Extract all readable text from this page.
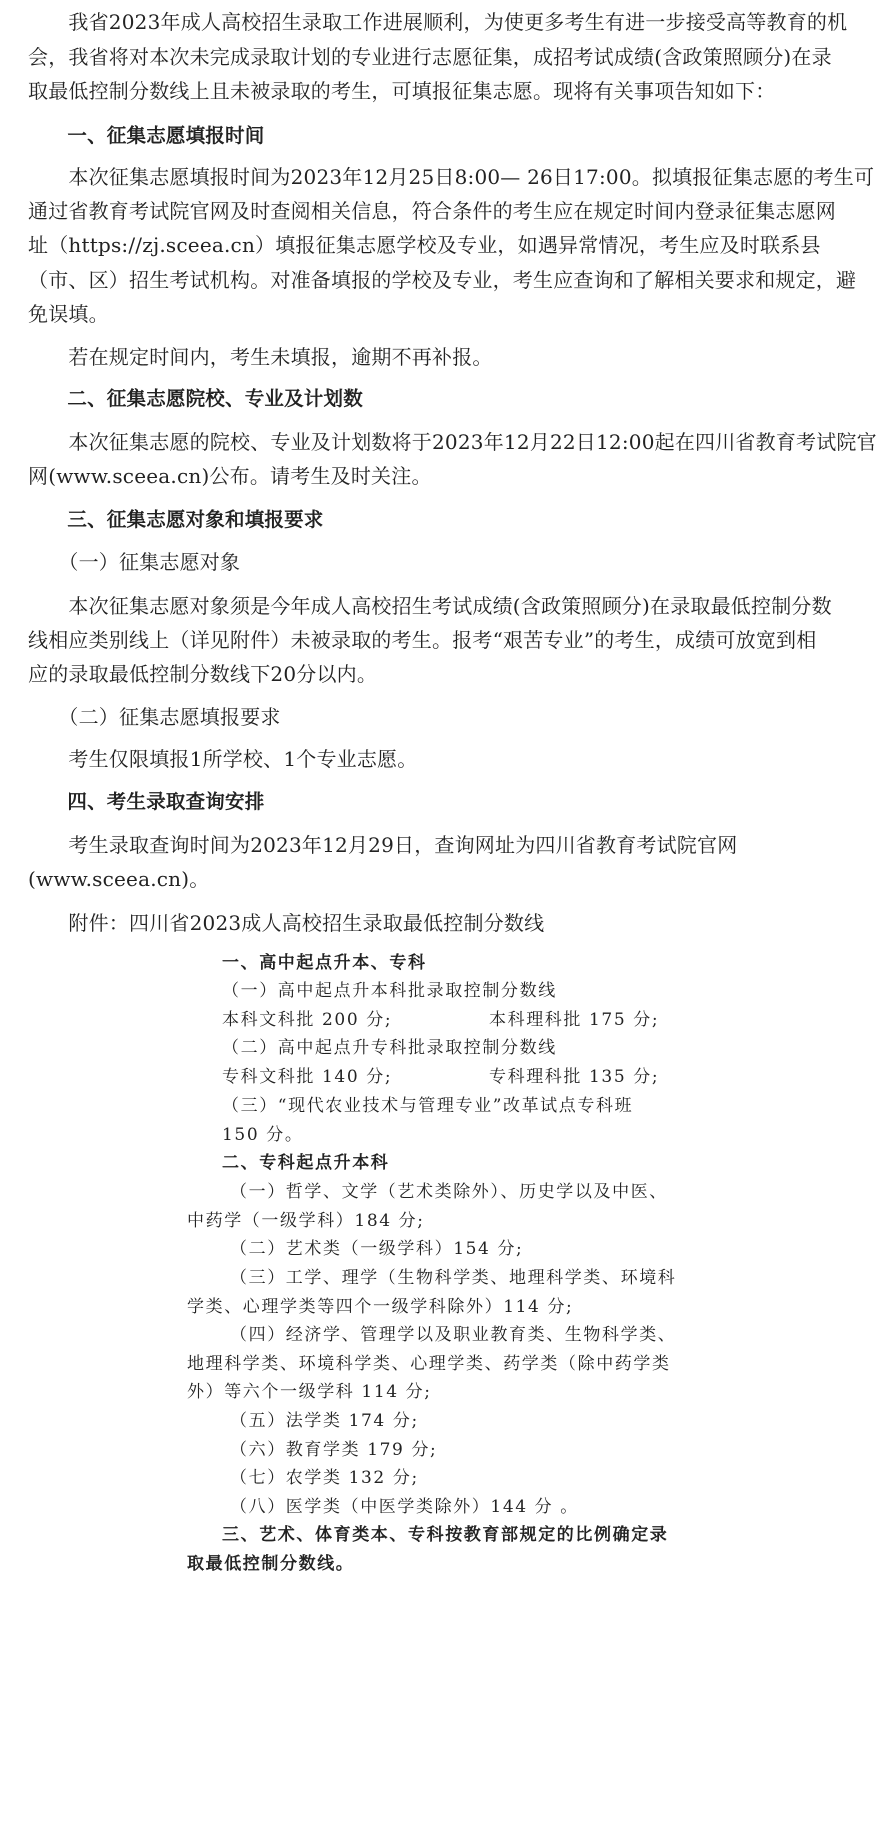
　　我省2023年成人高校招生录取工作进展顺利，为使更多考生有进一步接受高等教育的机
会，我省将对本次未完成录取计划的专业进行志愿征集，成招考试成绩(含政策照顾分)在录
取最低控制分数线上且未被录取的考生，可填报征集志愿。现将有关事项告知如下：
　　一、征集志愿填报时间
　　本次征集志愿填报时间为2023年12月25日8:00— 26日17:00。拟填报征集志愿的考生可
通过省教育考试院官网及时查阅相关信息，符合条件的考生应在规定时间内登录征集志愿网
址（https://zj.sceea.cn）填报征集志愿学校及专业，如遇异常情况，考生应及时联系县
（市、区）招生考试机构。对准备填报的学校及专业，考生应查询和了解相关要求和规定，避
免误填。
　　若在规定时间内，考生未填报，逾期不再补报。
　　二、征集志愿院校、专业及计划数
　　本次征集志愿的院校、专业及计划数将于2023年12月22日12:00起在四川省教育考试院官
网(www.sceea.cn)公布。请考生及时关注。
　　三、征集志愿对象和填报要求
　　（一）征集志愿对象
　　本次征集志愿对象须是今年成人高校招生考试成绩(含政策照顾分)在录取最低控制分数
线相应类别线上（详见附件）未被录取的考生。报考“艰苦专业”的考生，成绩可放宽到相
应的录取最低控制分数线下20分以内。
　　（二）征集志愿填报要求
　　考生仅限填报1所学校、1个专业志愿。
　　四、考生录取查询安排
　　考生录取查询时间为2023年12月29日，查询网址为四川省教育考试院官网
(www.sceea.cn)。
　　附件：四川省2023成人高校招生录取最低控制分数线
一、高中起点升本、专科
（一）高中起点升本科批录取控制分数线
本科文科批 200 分;	本科理科批 175 分;
（二）高中起点升专科批录取控制分数线
专科文科批 140 分;	专科理科批 135 分;
（三）“现代农业技术与管理专业”改革试点专科班
150 分。
二、专科起点升本科
（一）哲学、文学（艺术类除外）、历史学以及中医、
中药学（一级学科）184 分;
（二）艺术类（一级学科）154 分;
（三）工学、理学（生物科学类、地理科学类、环境科
学类、心理学类等四个一级学科除外）114 分;
（四）经济学、管理学以及职业教育类、生物科学类、
地理科学类、环境科学类、心理学类、药学类（除中药学类
外）等六个一级学科 114 分;
（五）法学类 174 分;
（六）教育学类 179 分;
（七）农学类 132 分;
（八）医学类（中医学类除外）144 分 。
三、艺术、体育类本、专科按教育部规定的比例确定录
取最低控制分数线。
